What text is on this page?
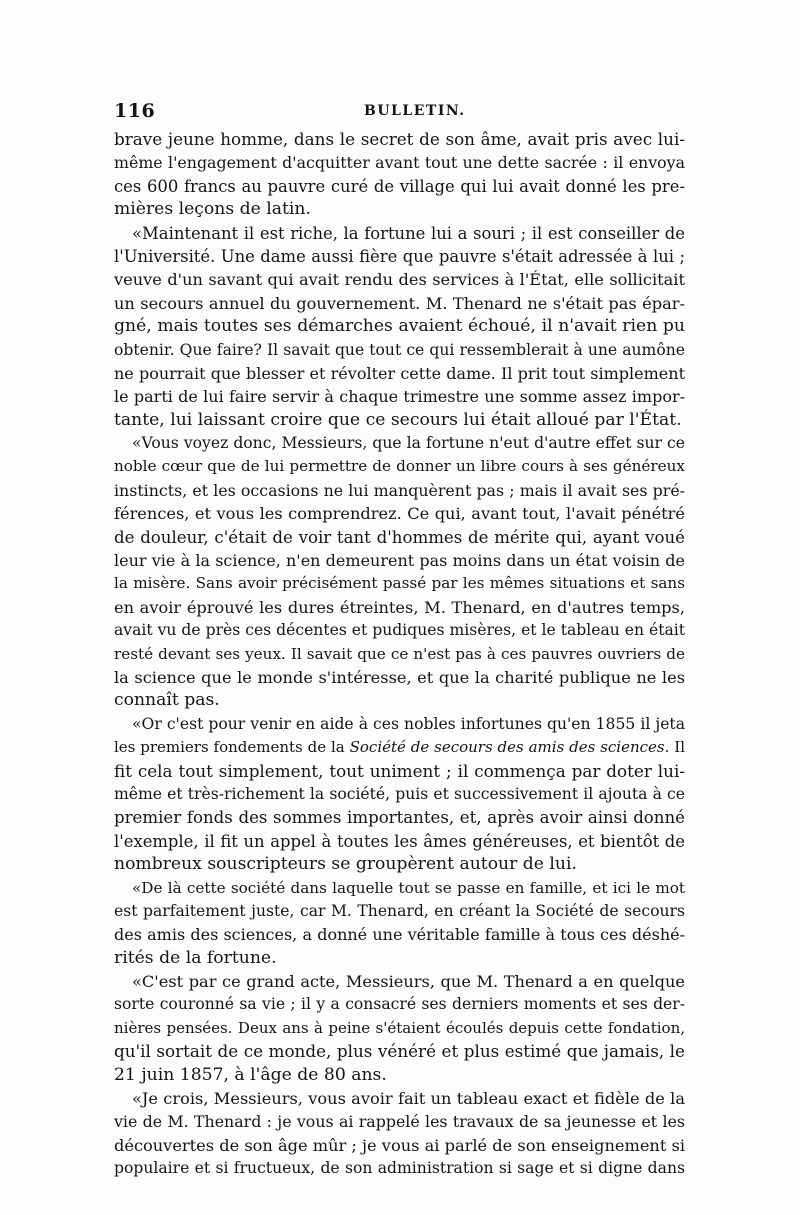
116	BULLETIN.
brave jeune homme, dans le secret de son âme, avait pris avec lui-
même l'engagement d'acquitter avant tout une dette sacrée : il envoya
ces 600 francs au pauvre curé de village qui lui avait donné les pre-
mières leçons de latin.
«Maintenant il est riche, la fortune lui a souri ; il est conseiller de
l'Université. Une dame aussi fière que pauvre s'était adressée à lui ;
veuve d'un savant qui avait rendu des services à l'État, elle sollicitait
un secours annuel du gouvernement. M. Thenard ne s'était pas épar-
gné, mais toutes ses démarches avaient échoué, il n'avait rien pu
obtenir. Que faire? Il savait que tout ce qui ressemblerait à une aumône
ne pourrait que blesser et révolter cette dame. Il prit tout simplement
le parti de lui faire servir à chaque trimestre une somme assez impor-
tante, lui laissant croire que ce secours lui était alloué par l'État.
«Vous voyez donc, Messieurs, que la fortune n'eut d'autre effet sur ce
noble cœur que de lui permettre de donner un libre cours à ses généreux
instincts, et les occasions ne lui manquèrent pas ; mais il avait ses pré-
férences, et vous les comprendrez. Ce qui, avant tout, l'avait pénétré
de douleur, c'était de voir tant d'hommes de mérite qui, ayant voué
leur vie à la science, n'en demeurent pas moins dans un état voisin de
la misère. Sans avoir précisément passé par les mêmes situations et sans
en avoir éprouvé les dures étreintes, M. Thenard, en d'autres temps,
avait vu de près ces décentes et pudiques misères, et le tableau en était
resté devant ses yeux. Il savait que ce n'est pas à ces pauvres ouvriers de
la science que le monde s'intéresse, et que la charité publique ne les
connaît pas.
«Or c'est pour venir en aide à ces nobles infortunes qu'en 1855 il jeta
les premiers fondements de la Société de secours des amis des sciences. Il
fit cela tout simplement, tout uniment ; il commença par doter lui-
même et très-richement la société, puis et successivement il ajouta à ce
premier fonds des sommes importantes, et, après avoir ainsi donné
l'exemple, il fit un appel à toutes les âmes généreuses, et bientôt de
nombreux souscripteurs se groupèrent autour de lui.
«De là cette société dans laquelle tout se passe en famille, et ici le mot
est parfaitement juste, car M. Thenard, en créant la Société de secours
des amis des sciences, a donné une véritable famille à tous ces déshé-
rités de la fortune.
«C'est par ce grand acte, Messieurs, que M. Thenard a en quelque
sorte couronné sa vie ; il y a consacré ses derniers moments et ses der-
nières pensées. Deux ans à peine s'étaient écoulés depuis cette fondation,
qu'il sortait de ce monde, plus vénéré et plus estimé que jamais, le
21 juin 1857, à l'âge de 80 ans.
«Je crois, Messieurs, vous avoir fait un tableau exact et fidèle de la
vie de M. Thenard : je vous ai rappelé les travaux de sa jeunesse et les
découvertes de son âge mûr ; je vous ai parlé de son enseignement si
populaire et si fructueux, de son administration si sage et si digne dans
